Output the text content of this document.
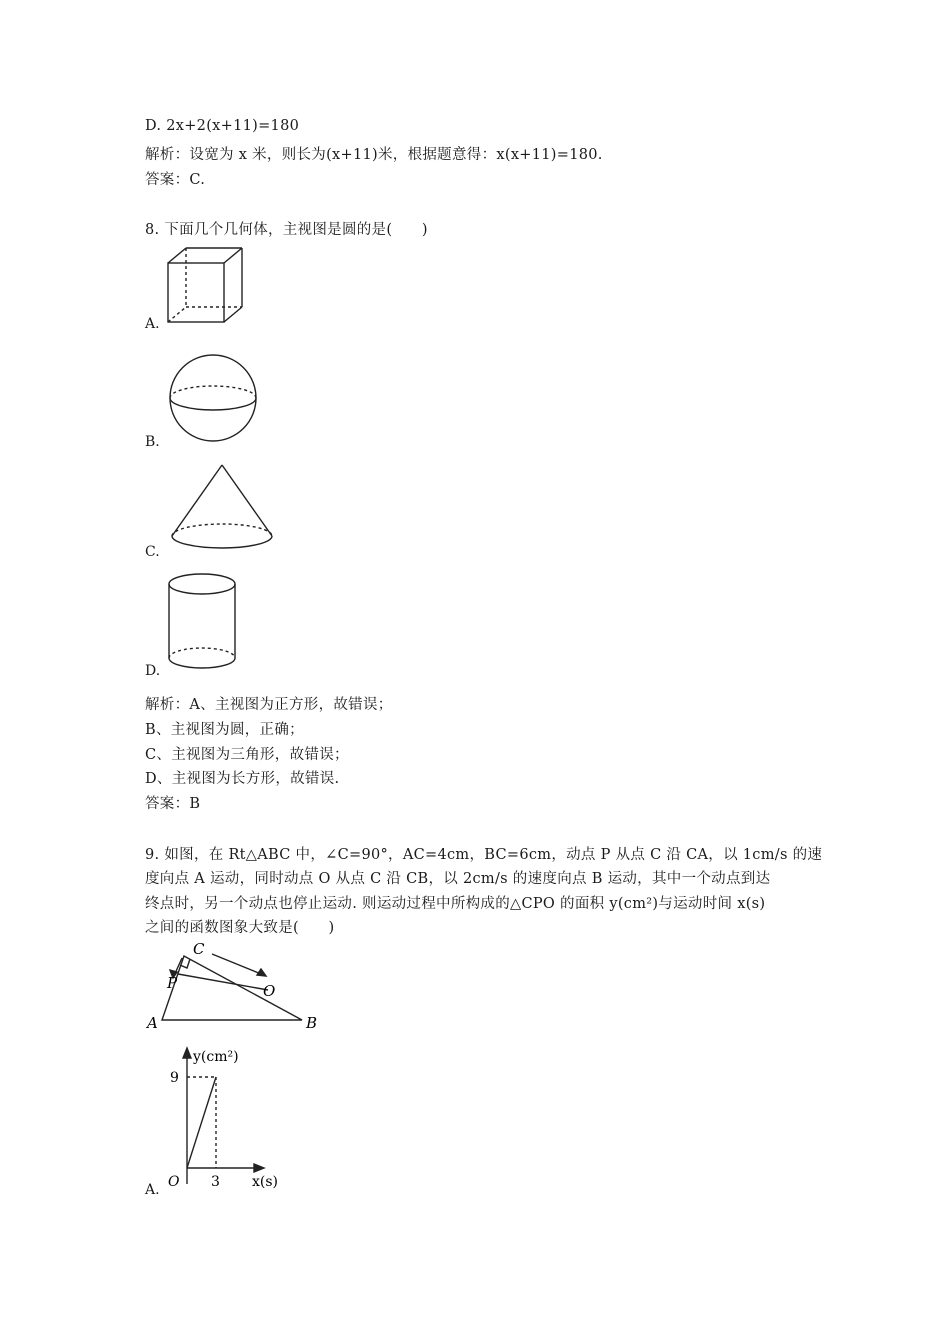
D. 2x+2(x+11)=180
解析：设宽为 x 米，则长为(x+11)米，根据题意得：x(x+11)=180.
答案：C.
8. 下面几个几何体，主视图是圆的是(　　)
A.
B.
C.
D.
解析：A、主视图为正方形，故错误；
B、主视图为圆，正确；
C、主视图为三角形，故错误；
D、主视图为长方形，故错误.
答案：B
9. 如图，在 Rt△ABC 中，∠C=90°，AC=4cm，BC=6cm，动点 P 从点 C 沿 CA，以 1cm/s 的速
度向点 A 运动，同时动点 O 从点 C 沿 CB，以 2cm/s 的速度向点 B 运动，其中一个动点到达
终点时，另一个动点也停止运动. 则运动过程中所构成的△CPO 的面积 y(cm²)与运动时间 x(s)
之间的函数图象大致是(　　)
C
P	O
A	B
y(cm²)
9
O 3 x(s)
A.
